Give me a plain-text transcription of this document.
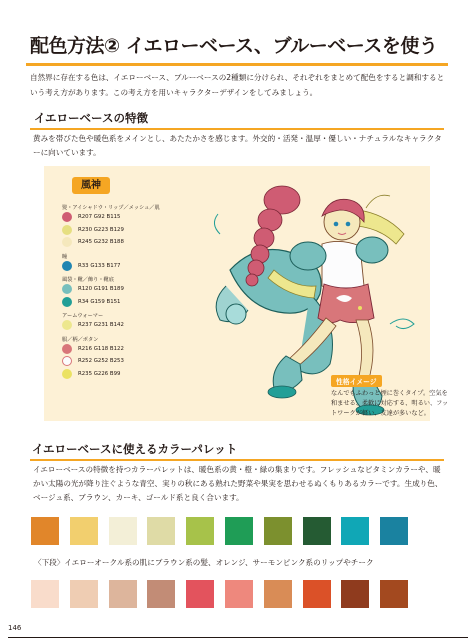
配色方法② イエローベース、ブルーベースを使う
自然界に存在する色は、イエローベース、ブルーベースの2種類に分けられ、それぞれをまとめて配色をすると調和するという考え方があります。この考え方を用いキャラクターデザインをしてみましょう。
イエローベースの特徴
黄みを帯びた色や暖色系をメインとし、あたたかさを感じます。外交的・活発・温厚・優しい・ナチュラルなキャラクターに向いています。
風神
髪・アイシャドウ・リップ／メッシュ／肌
R207 G92 B115
R230 G223 B129
R245 G232 B188
瞳
R33 G133 B177
風袋・靴／飾り・靴底
R120 G191 B189
R34 G159 B151
アームウォーマー
R237 G231 B142
服／柄／ボタン
R216 G118 B122
R252 G252 B253
R235 G226 B99
性格イメージ
なんでもふわっと煙に巻くタイプ。空気を和ませる、柔軟に対応する、明るい、フットワークが軽い、友達が多いなど。
イエローベースに使えるカラーパレット
イエローベースの特徴を持つカラーパレットは、暖色系の黄・橙・緑の集まりです。フレッシュなビタミンカラーや、暖かい太陽の光が降り注ぐような青空、実りの秋にある熟れた野菜や果実を思わせるぬくもりあるカラーです。生成り色、ベージュ系、ブラウン、カーキ、ゴールド系と良く合います。
〈下段〉イエローオークル系の肌にブラウン系の髪、オレンジ、サーモンピンク系のリップやチーク
146
